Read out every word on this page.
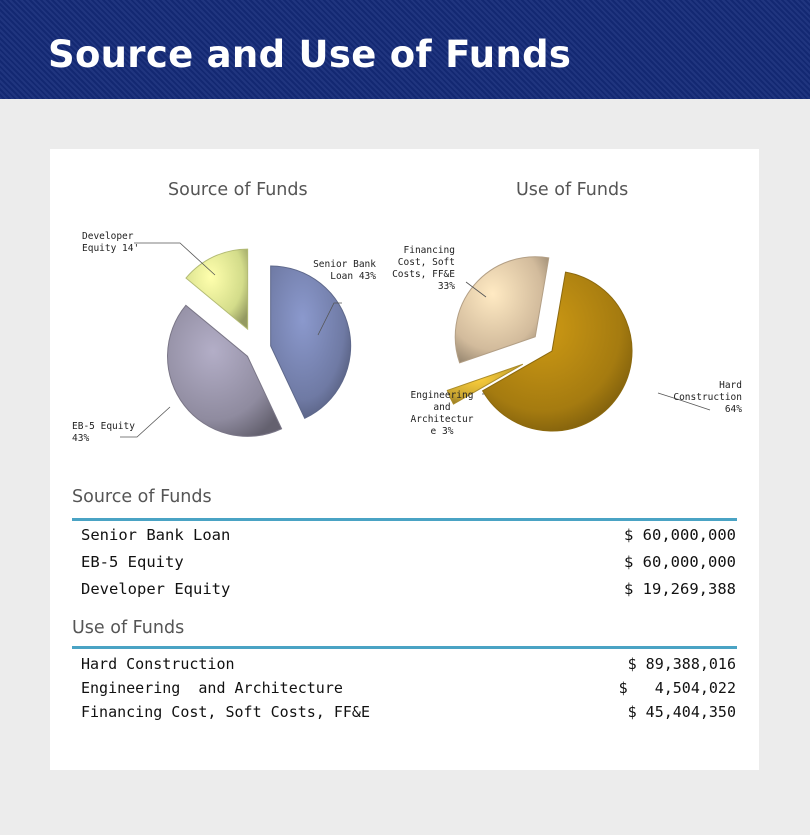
Source and Use of Funds
Source of Funds	Use of Funds
Developer Equity 14'
Senior Bank Loan 43%
EB-5 Equity 43%
Hard Construction 64%
Engineering and Architectur e 3%
Financing Cost, Soft Costs, FF&E 33%
Source of Funds
Senior Bank Loan	$ 60,000,000
EB-5 Equity	$ 60,000,000
Developer Equity	$ 19,269,388
Use of Funds
Hard Construction	$ 89,388,016
Engineering  and Architecture	$   4,504,022
Financing Cost, Soft Costs, FF&E	$ 45,404,350
